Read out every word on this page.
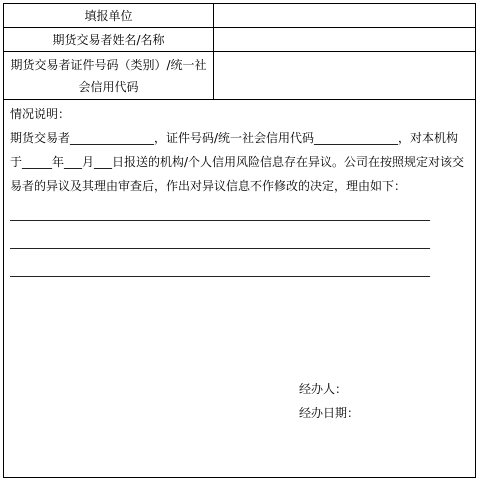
填报单位
期货交易者姓名/名称
期货交易者证件号码（类别）/统一社会信用代码
情况说明：
期货交易者______________，证件号码/统一社会信用代码______________，对本机构于_____年___月___日报送的机构/个人信用风险信息存在异议。公司在按照规定对该交易者的异议及其理由审查后，作出对异议信息不作修改的决定，理由如下：
______________________________________________________________________
______________________________________________________________________
______________________________________________________________________
经办人：
经办日期：
